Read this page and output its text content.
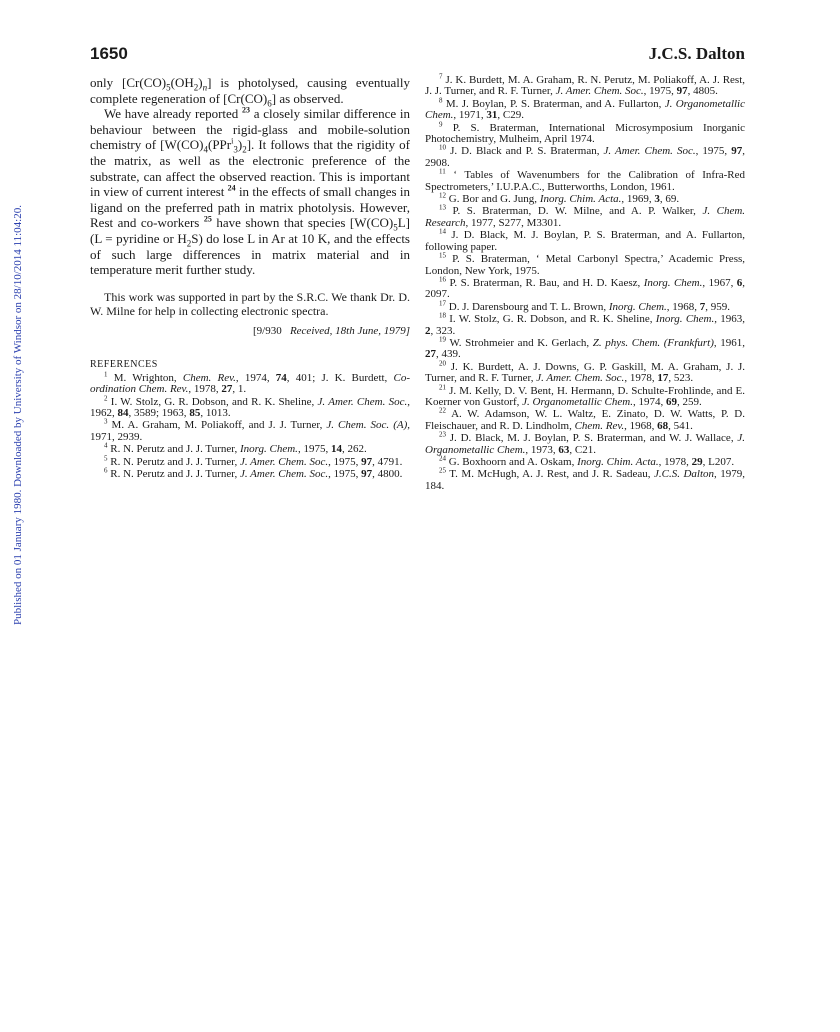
Published on 01 January 1980. Downloaded by University of Windsor on 28/10/2014 11:04:20.
1650	J.C.S. Dalton

only $[Cr(CO)_5(OH_2)_n]$ is photolysed, causing eventually complete regeneration of $[Cr(CO)_6]$ as observed.

We have already reported $^{23}$ a closely similar difference in behaviour between the rigid-glass and mobile-solution chemistry of $[W(CO)_4(PPr^i_3)_2]$. It follows that the rigidity of the matrix, as well as the electronic preference of the substrate, can affect the observed reaction. This is important in view of current interest $^{24}$ in the effects of small changes in ligand on the preferred path in matrix photolysis. However, Rest and co-workers $^{25}$ have shown that species $[W(CO)_5L] (L$ = pyridine or $H_2S$) do lose L in Ar at 10 K, and the effects of such large differences in matrix material and in temperature merit further study.

This work was supported in part by the S.R.C. We thank Dr. D. W. Milne for help in collecting electronic spectra.

[9/930 Received, 18th June, 1979]

REFERENCES

$^1$ M. Wrighton, Chem. Rev., 1974, 74, 401; J. K. Burdett, Co-ordination Chem. Rev., 1978, 27, 1.

$^2$ I. W. Stolz, G. R. Dobson, and R. K. Sheline, J. Amer. Chem. Soc., 1962, 84, 3589; 1963, 85, 1013.

$^3$ M. A. Graham, M. Poliakoff, and J. J. Turner, J. Chem. Soc. (A), 1971, 2939.

$^4$ R. N. Perutz and J. J. Turner, Inorg. Chem., 1975, 14, 262.

$^5$ R. N. Perutz and J. J. Turner, J. Amer. Chem. Soc., 1975, 97, 4791.

$^6$ R. N. Perutz and J. J. Turner, J. Amer. Chem. Soc., 1975, 97, 4800.

$^7$ J. K. Burdett, M. A. Graham, R. N. Perutz, M. Poliakoff, A. J. Rest, J. J. Turner, and R. F. Turner, J. Amer. Chem. Soc., 1975, 97, 4805.

$^8$ M. J. Boylan, P. S. Braterman, and A. Fullarton, J. Organometallic Chem., 1971, 31, C29.

$^9$ P. S. Braterman, International Microsymposium Inorganic Photochemistry, Mulheim, April 1974.

$^{10}$ J. D. Black and P. S. Braterman, J. Amer. Chem. Soc., 1975, 97, 2908.

$^{11}$ ‘ Tables of Wavenumbers for the Calibration of Infra-Red Spectrometers,’ I.U.P.A.C., Butterworths, London, 1961.

$^{12}$ G. Bor and G. Jung, Inorg. Chim. Acta., 1969, 3, 69.

$^{13}$ P. S. Braterman, D. W. Milne, and A. P. Walker, J. Chem. Research, 1977, S277, M3301.

$^{14}$ J. D. Black, M. J. Boylan, P. S. Braterman, and A. Fullarton, following paper.

$^{15}$ P. S. Braterman, ‘ Metal Carbonyl Spectra,’ Academic Press, London, New York, 1975.

$^{16}$ P. S. Braterman, R. Bau, and H. D. Kaesz, Inorg. Chem., 1967, 6, 2097.

$^{17}$ D. J. Darensbourg and T. L. Brown, Inorg. Chem., 1968, 7, 959.

$^{18}$ I. W. Stolz, G. R. Dobson, and R. K. Sheline, Inorg. Chem., 1963, 2, 323.

$^{19}$ W. Strohmeier and K. Gerlach, Z. phys. Chem. (Frankfurt), 1961, 27, 439.

$^{20}$ J. K. Burdett, A. J. Downs, G. P. Gaskill, M. A. Graham, J. J. Turner, and R. F. Turner, J. Amer. Chem. Soc., 1978, 17, 523.

$^{21}$ J. M. Kelly, D. V. Bent, H. Hermann, D. Schulte-Frohlinde, and E. Koerner von Gustorf, J. Organometallic Chem., 1974, 69, 259.

$^{22}$ A. W. Adamson, W. L. Waltz, E. Zinato, D. W. Watts, P. D. Fleischauer, and R. D. Lindholm, Chem. Rev., 1968, 68, 541.

$^{23}$ J. D. Black, M. J. Boylan, P. S. Braterman, and W. J. Wallace, J. Organometallic Chem., 1973, 63, C21.

$^{24}$ G. Boxhoorn and A. Oskam, Inorg. Chim. Acta., 1978, 29, L207.

$^{25}$ T. M. McHugh, A. J. Rest, and J. R. Sadeau, J.C.S. Dalton, 1979, 184.
